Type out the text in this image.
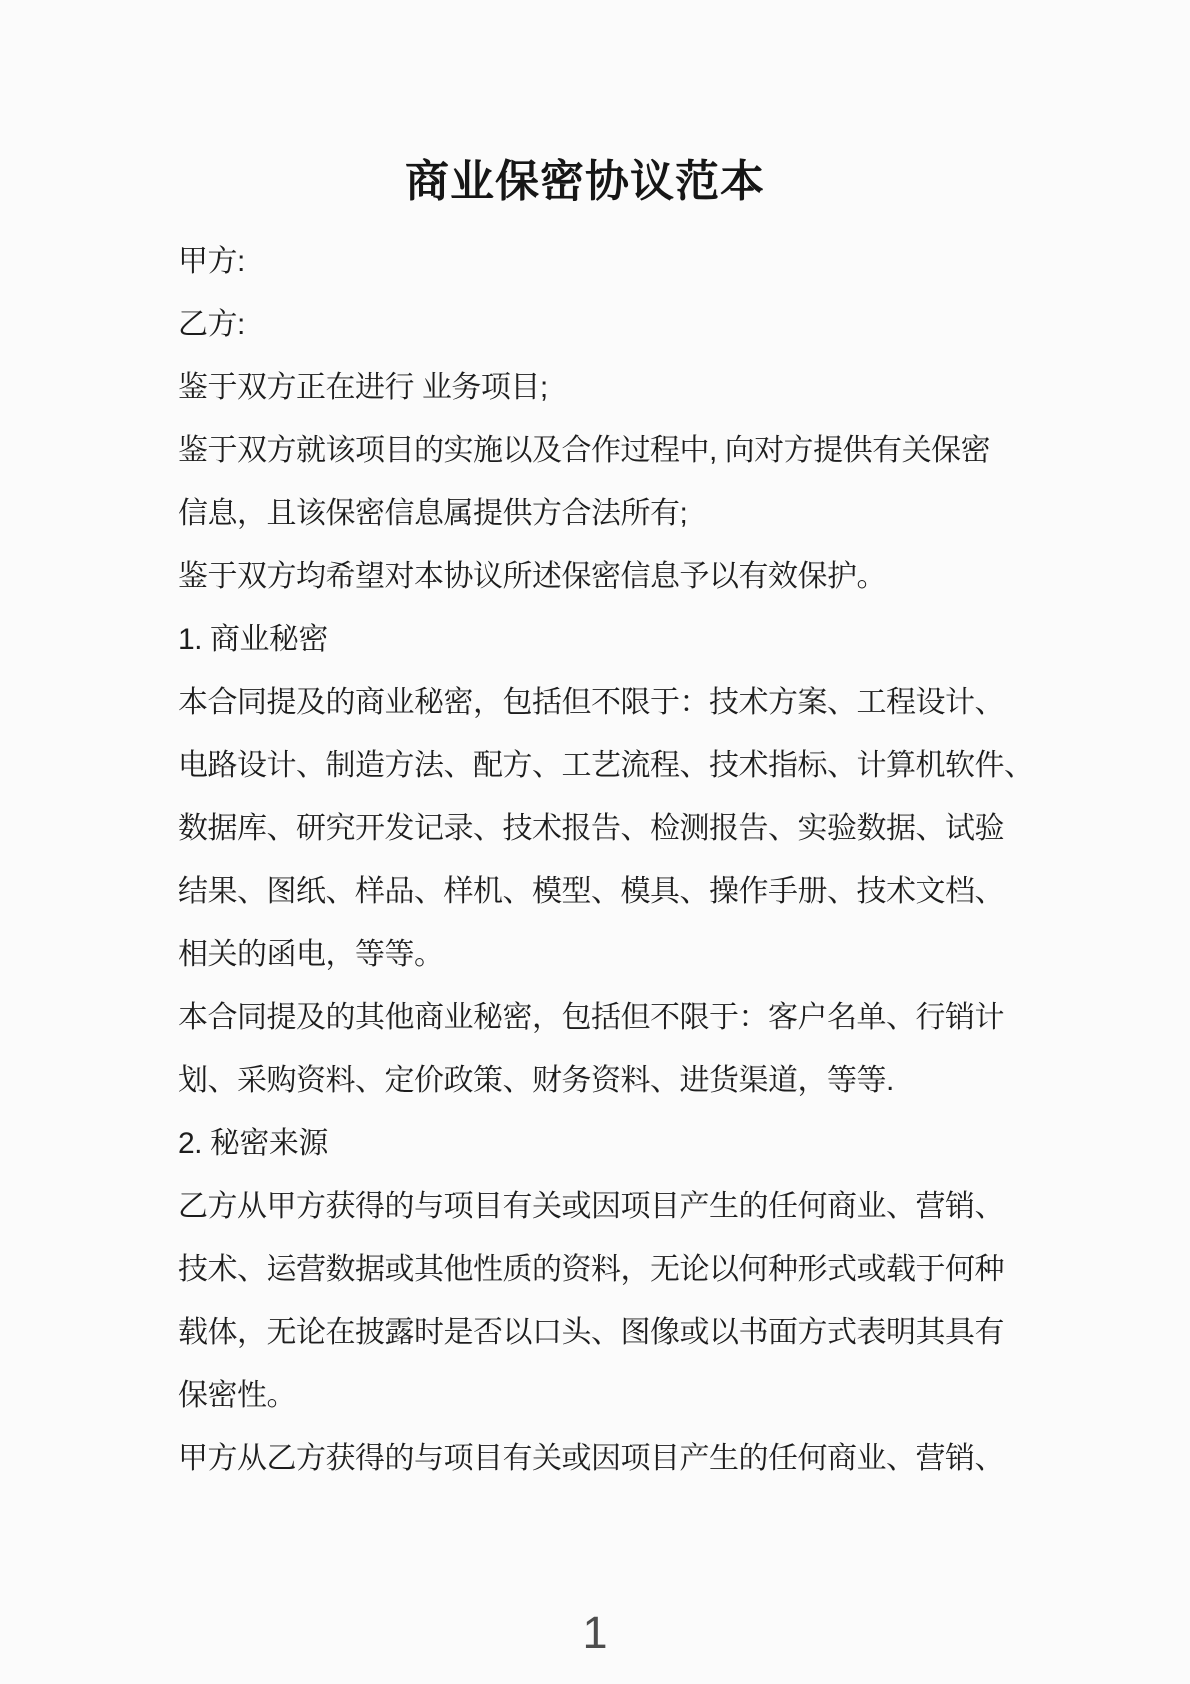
商业保密协议范本
甲方:
乙方:
鉴于双方正在进行 业务项目;
鉴于双方就该项目的实施以及合作过程中, 向对方提供有关保密
信息，且该保密信息属提供方合法所有;
鉴于双方均希望对本协议所述保密信息予以有效保护。
1. 商业秘密
本合同提及的商业秘密，包括但不限于：技术方案、工程设计、
电路设计、制造方法、配方、工艺流程、技术指标、计算机软件、
数据库、研究开发记录、技术报告、检测报告、实验数据、试验
结果、图纸、样品、样机、模型、模具、操作手册、技术文档、
相关的函电，等等。
本合同提及的其他商业秘密，包括但不限于：客户名单、行销计
划、采购资料、定价政策、财务资料、进货渠道，等等.
2. 秘密来源
乙方从甲方获得的与项目有关或因项目产生的任何商业、营销、
技术、运营数据或其他性质的资料，无论以何种形式或载于何种
载体，无论在披露时是否以口头、图像或以书面方式表明其具有
保密性。
甲方从乙方获得的与项目有关或因项目产生的任何商业、营销、
1
